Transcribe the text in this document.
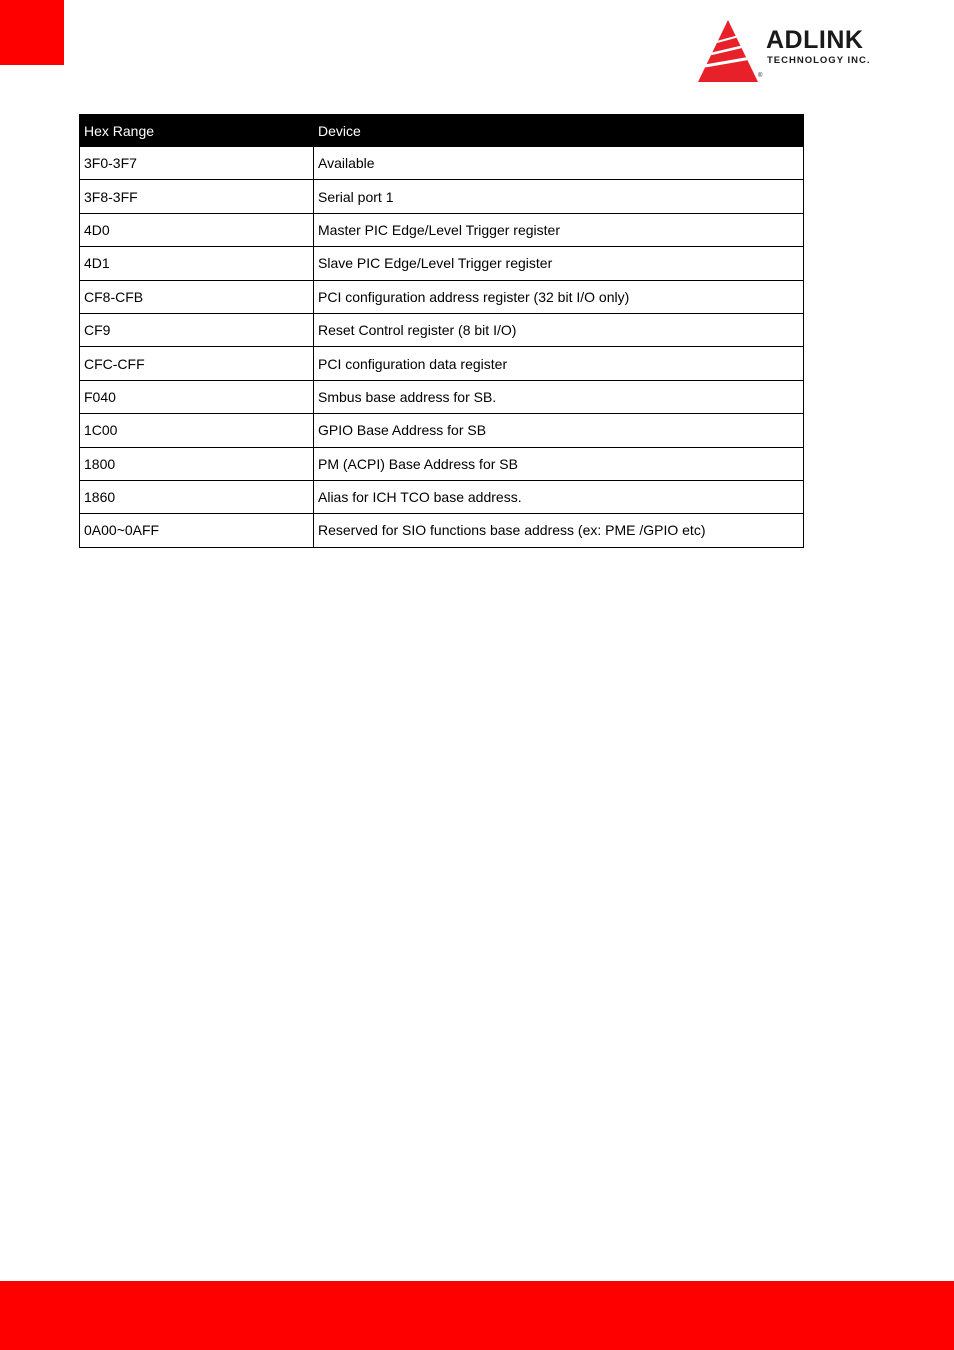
ADLINK
TECHNOLOGY INC.
®
Hex Range	Device
3F0-3F7	Available
3F8-3FF	Serial port 1
4D0	Master PIC Edge/Level Trigger register
4D1	Slave PIC Edge/Level Trigger register
CF8-CFB	PCI configuration address register (32 bit I/O only)
CF9	Reset Control register (8 bit I/O)
CFC-CFF	PCI configuration data register
F040	Smbus base address for SB.
1C00	GPIO Base Address for SB
1800	PM (ACPI) Base Address for SB
1860	Alias for ICH TCO base address.
0A00~0AFF	Reserved for SIO functions base address (ex: PME /GPIO etc)
